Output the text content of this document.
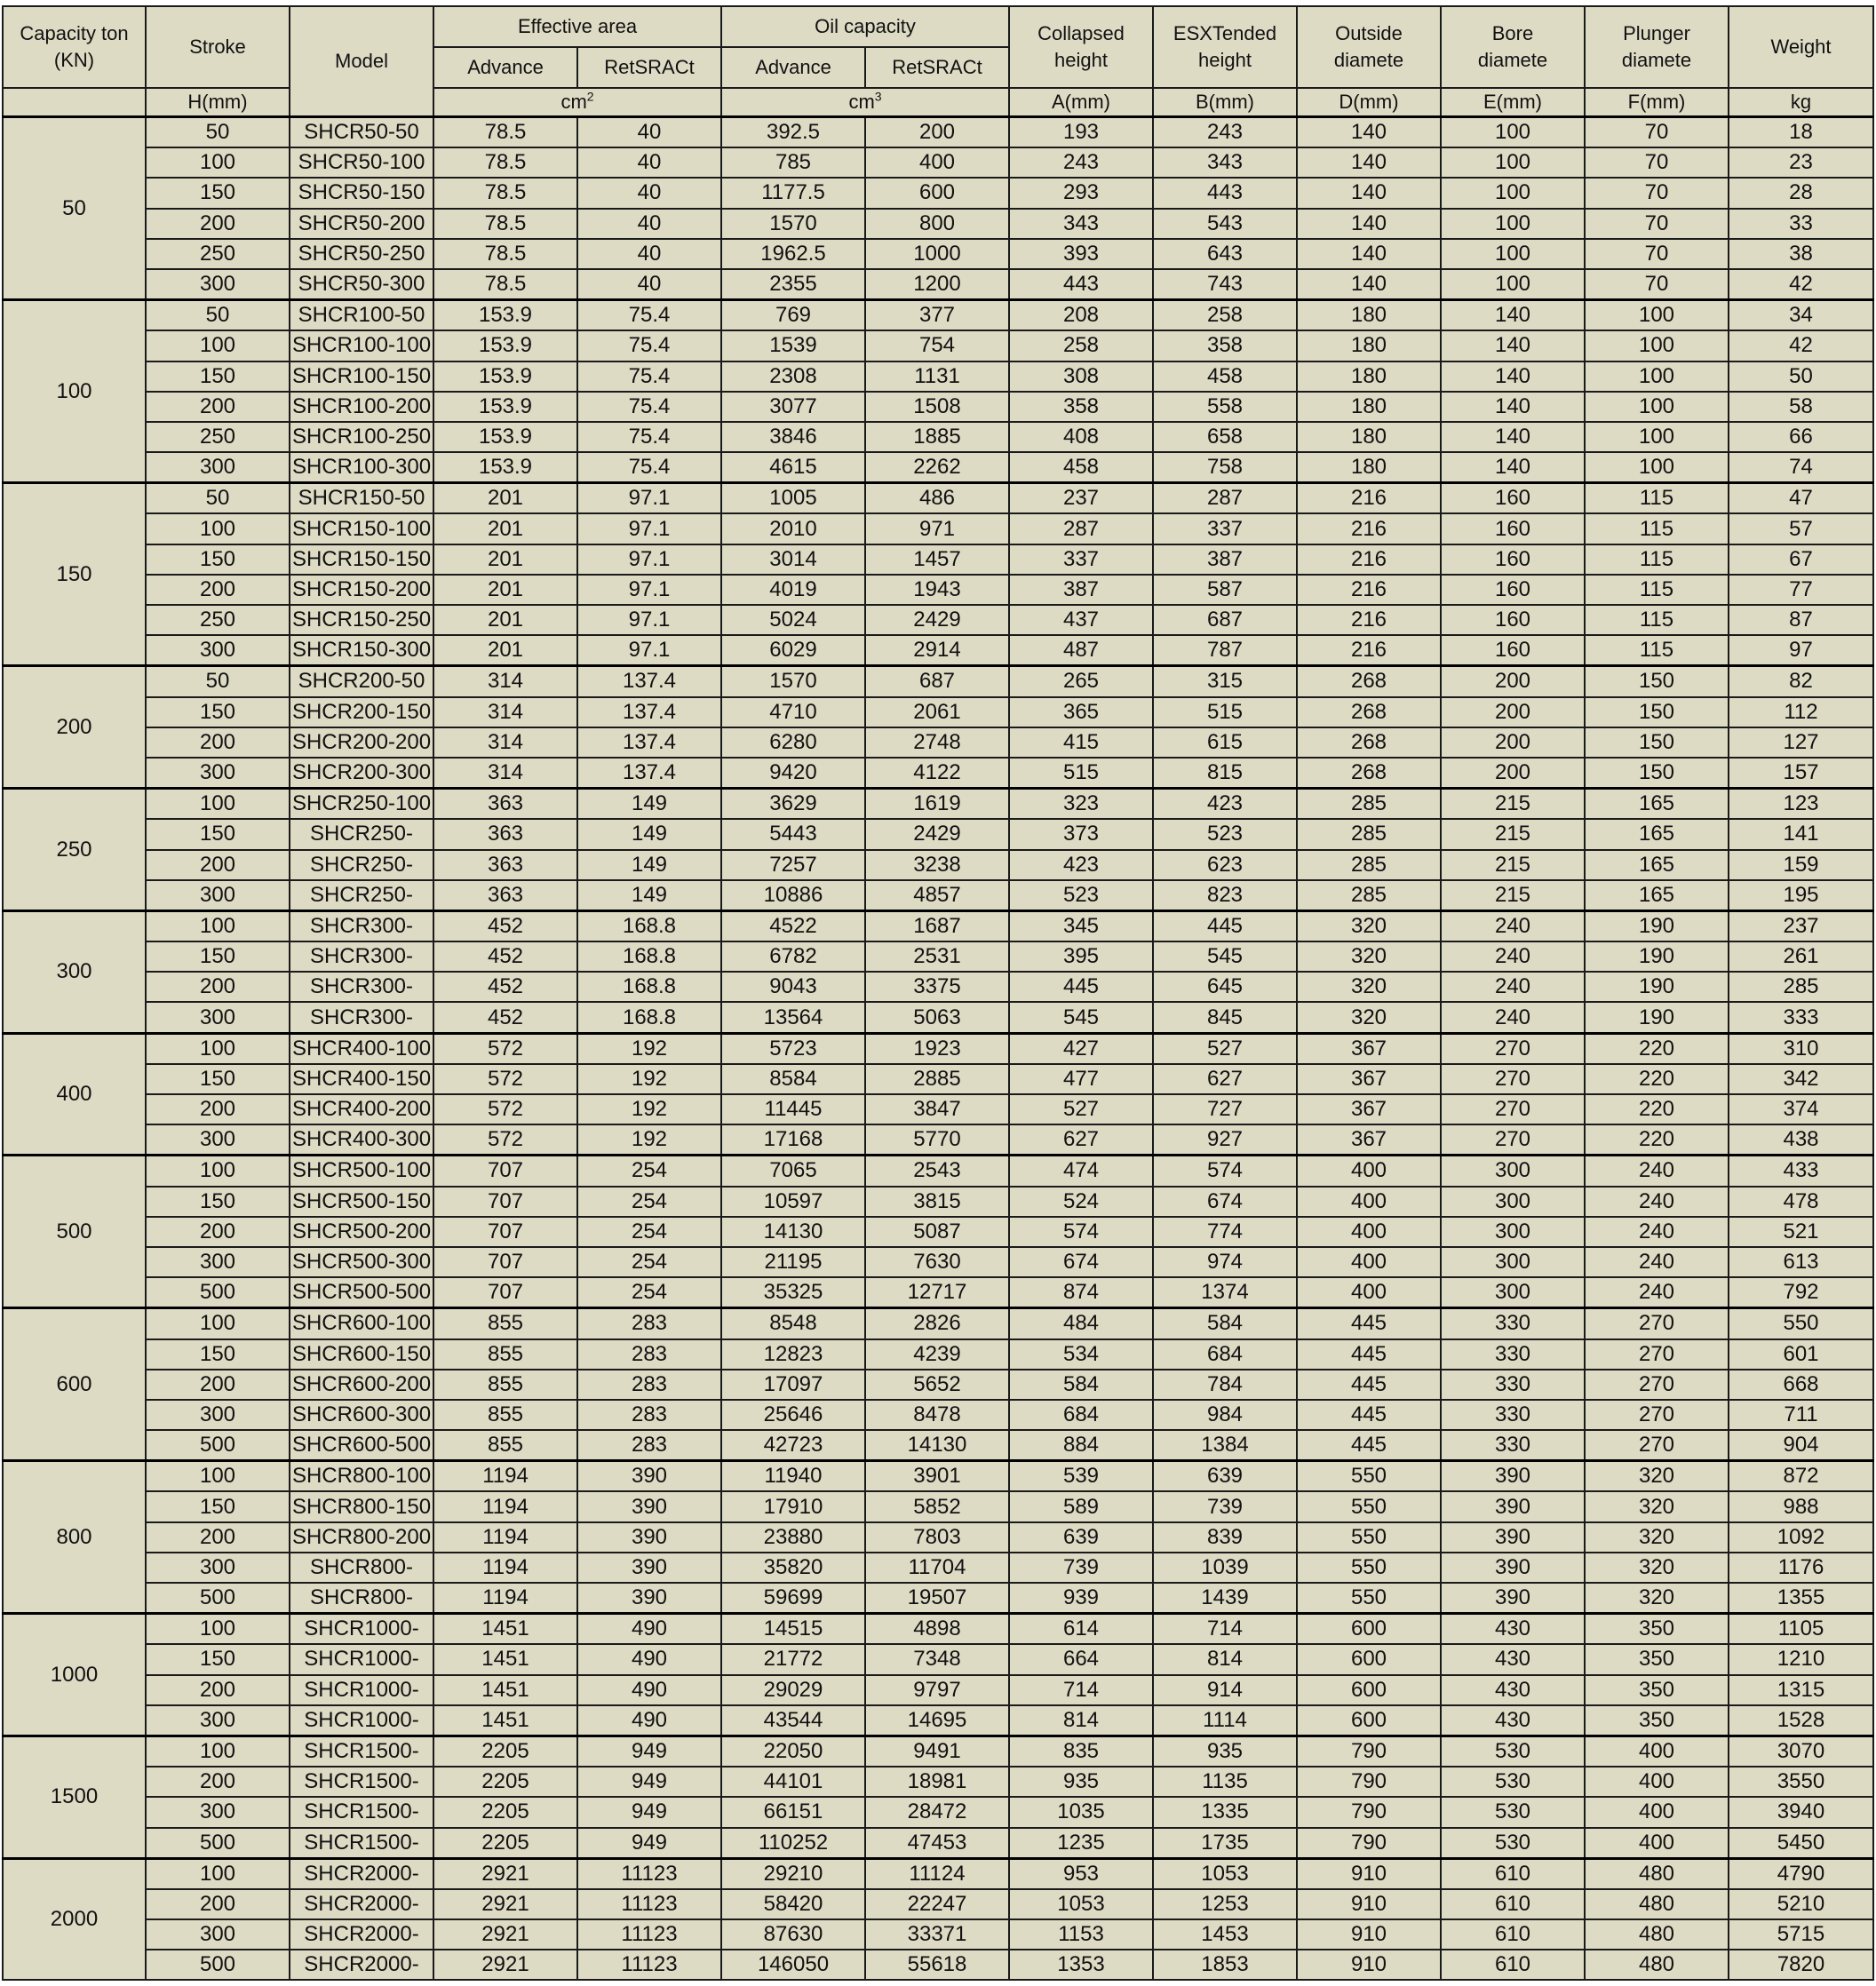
Capacity ton (KN)	Stroke	Model	Effective area		Oil capacity		Collapsed height	ESXTended height	Outside diamete	Bore diamete	Plunger diamete	Weight
			Advance	RetSRACt	Advance	RetSRACt						
	H(mm)		$cm^2$		$cm^3$		A(mm)	B(mm)	D(mm)	E(mm)	F(mm)	kg
50	50	SHCR50-50	78.5	40	392.5	200	193	243	140	100	70	18
	100	SHCR50-100	78.5	40	785	400	243	343	140	100	70	23
	150	SHCR50-150	78.5	40	1177.5	600	293	443	140	100	70	28
	200	SHCR50-200	78.5	40	1570	800	343	543	140	100	70	33
	250	SHCR50-250	78.5	40	1962.5	1000	393	643	140	100	70	38
	300	SHCR50-300	78.5	40	2355	1200	443	743	140	100	70	42
100	50	SHCR100-50	153.9	75.4	769	377	208	258	180	140	100	34
	100	SHCR100-100	153.9	75.4	1539	754	258	358	180	140	100	42
	150	SHCR100-150	153.9	75.4	2308	1131	308	458	180	140	100	50
	200	SHCR100-200	153.9	75.4	3077	1508	358	558	180	140	100	58
	250	SHCR100-250	153.9	75.4	3846	1885	408	658	180	140	100	66
	300	SHCR100-300	153.9	75.4	4615	2262	458	758	180	140	100	74
150	50	SHCR150-50	201	97.1	1005	486	237	287	216	160	115	47
	100	SHCR150-100	201	97.1	2010	971	287	337	216	160	115	57
	150	SHCR150-150	201	97.1	3014	1457	337	387	216	160	115	67
	200	SHCR150-200	201	97.1	4019	1943	387	587	216	160	115	77
	250	SHCR150-250	201	97.1	5024	2429	437	687	216	160	115	87
	300	SHCR150-300	201	97.1	6029	2914	487	787	216	160	115	97
200	50	SHCR200-50	314	137.4	1570	687	265	315	268	200	150	82
	150	SHCR200-150	314	137.4	4710	2061	365	515	268	200	150	112
	200	SHCR200-200	314	137.4	6280	2748	415	615	268	200	150	127
	300	SHCR200-300	314	137.4	9420	4122	515	815	268	200	150	157
250	100	SHCR250-100	363	149	3629	1619	323	423	285	215	165	123
	150	SHCR250-	363	149	5443	2429	373	523	285	215	165	141
	200	SHCR250-	363	149	7257	3238	423	623	285	215	165	159
	300	SHCR250-	363	149	10886	4857	523	823	285	215	165	195
300	100	SHCR300-	452	168.8	4522	1687	345	445	320	240	190	237
	150	SHCR300-	452	168.8	6782	2531	395	545	320	240	190	261
	200	SHCR300-	452	168.8	9043	3375	445	645	320	240	190	285
	300	SHCR300-	452	168.8	13564	5063	545	845	320	240	190	333
400	100	SHCR400-100	572	192	5723	1923	427	527	367	270	220	310
	150	SHCR400-150	572	192	8584	2885	477	627	367	270	220	342
	200	SHCR400-200	572	192	11445	3847	527	727	367	270	220	374
	300	SHCR400-300	572	192	17168	5770	627	927	367	270	220	438
500	100	SHCR500-100	707	254	7065	2543	474	574	400	300	240	433
	150	SHCR500-150	707	254	10597	3815	524	674	400	300	240	478
	200	SHCR500-200	707	254	14130	5087	574	774	400	300	240	521
	300	SHCR500-300	707	254	21195	7630	674	974	400	300	240	613
	500	SHCR500-500	707	254	35325	12717	874	1374	400	300	240	792
600	100	SHCR600-100	855	283	8548	2826	484	584	445	330	270	550
	150	SHCR600-150	855	283	12823	4239	534	684	445	330	270	601
	200	SHCR600-200	855	283	17097	5652	584	784	445	330	270	668
	300	SHCR600-300	855	283	25646	8478	684	984	445	330	270	711
	500	SHCR600-500	855	283	42723	14130	884	1384	445	330	270	904
800	100	SHCR800-100	1194	390	11940	3901	539	639	550	390	320	872
	150	SHCR800-150	1194	390	17910	5852	589	739	550	390	320	988
	200	SHCR800-200	1194	390	23880	7803	639	839	550	390	320	1092
	300	SHCR800-	1194	390	35820	11704	739	1039	550	390	320	1176
	500	SHCR800-	1194	390	59699	19507	939	1439	550	390	320	1355
1000	100	SHCR1000-	1451	490	14515	4898	614	714	600	430	350	1105
	150	SHCR1000-	1451	490	21772	7348	664	814	600	430	350	1210
	200	SHCR1000-	1451	490	29029	9797	714	914	600	430	350	1315
	300	SHCR1000-	1451	490	43544	14695	814	1114	600	430	350	1528
1500	100	SHCR1500-	2205	949	22050	9491	835	935	790	530	400	3070
	200	SHCR1500-	2205	949	44101	18981	935	1135	790	530	400	3550
	300	SHCR1500-	2205	949	66151	28472	1035	1335	790	530	400	3940
	500	SHCR1500-	2205	949	110252	47453	1235	1735	790	530	400	5450
2000	100	SHCR2000-	2921	11123	29210	11124	953	1053	910	610	480	4790
	200	SHCR2000-	2921	11123	58420	22247	1053	1253	910	610	480	5210
	300	SHCR2000-	2921	11123	87630	33371	1153	1453	910	610	480	5715
	500	SHCR2000-	2921	11123	146050	55618	1353	1853	910	610	480	7820
